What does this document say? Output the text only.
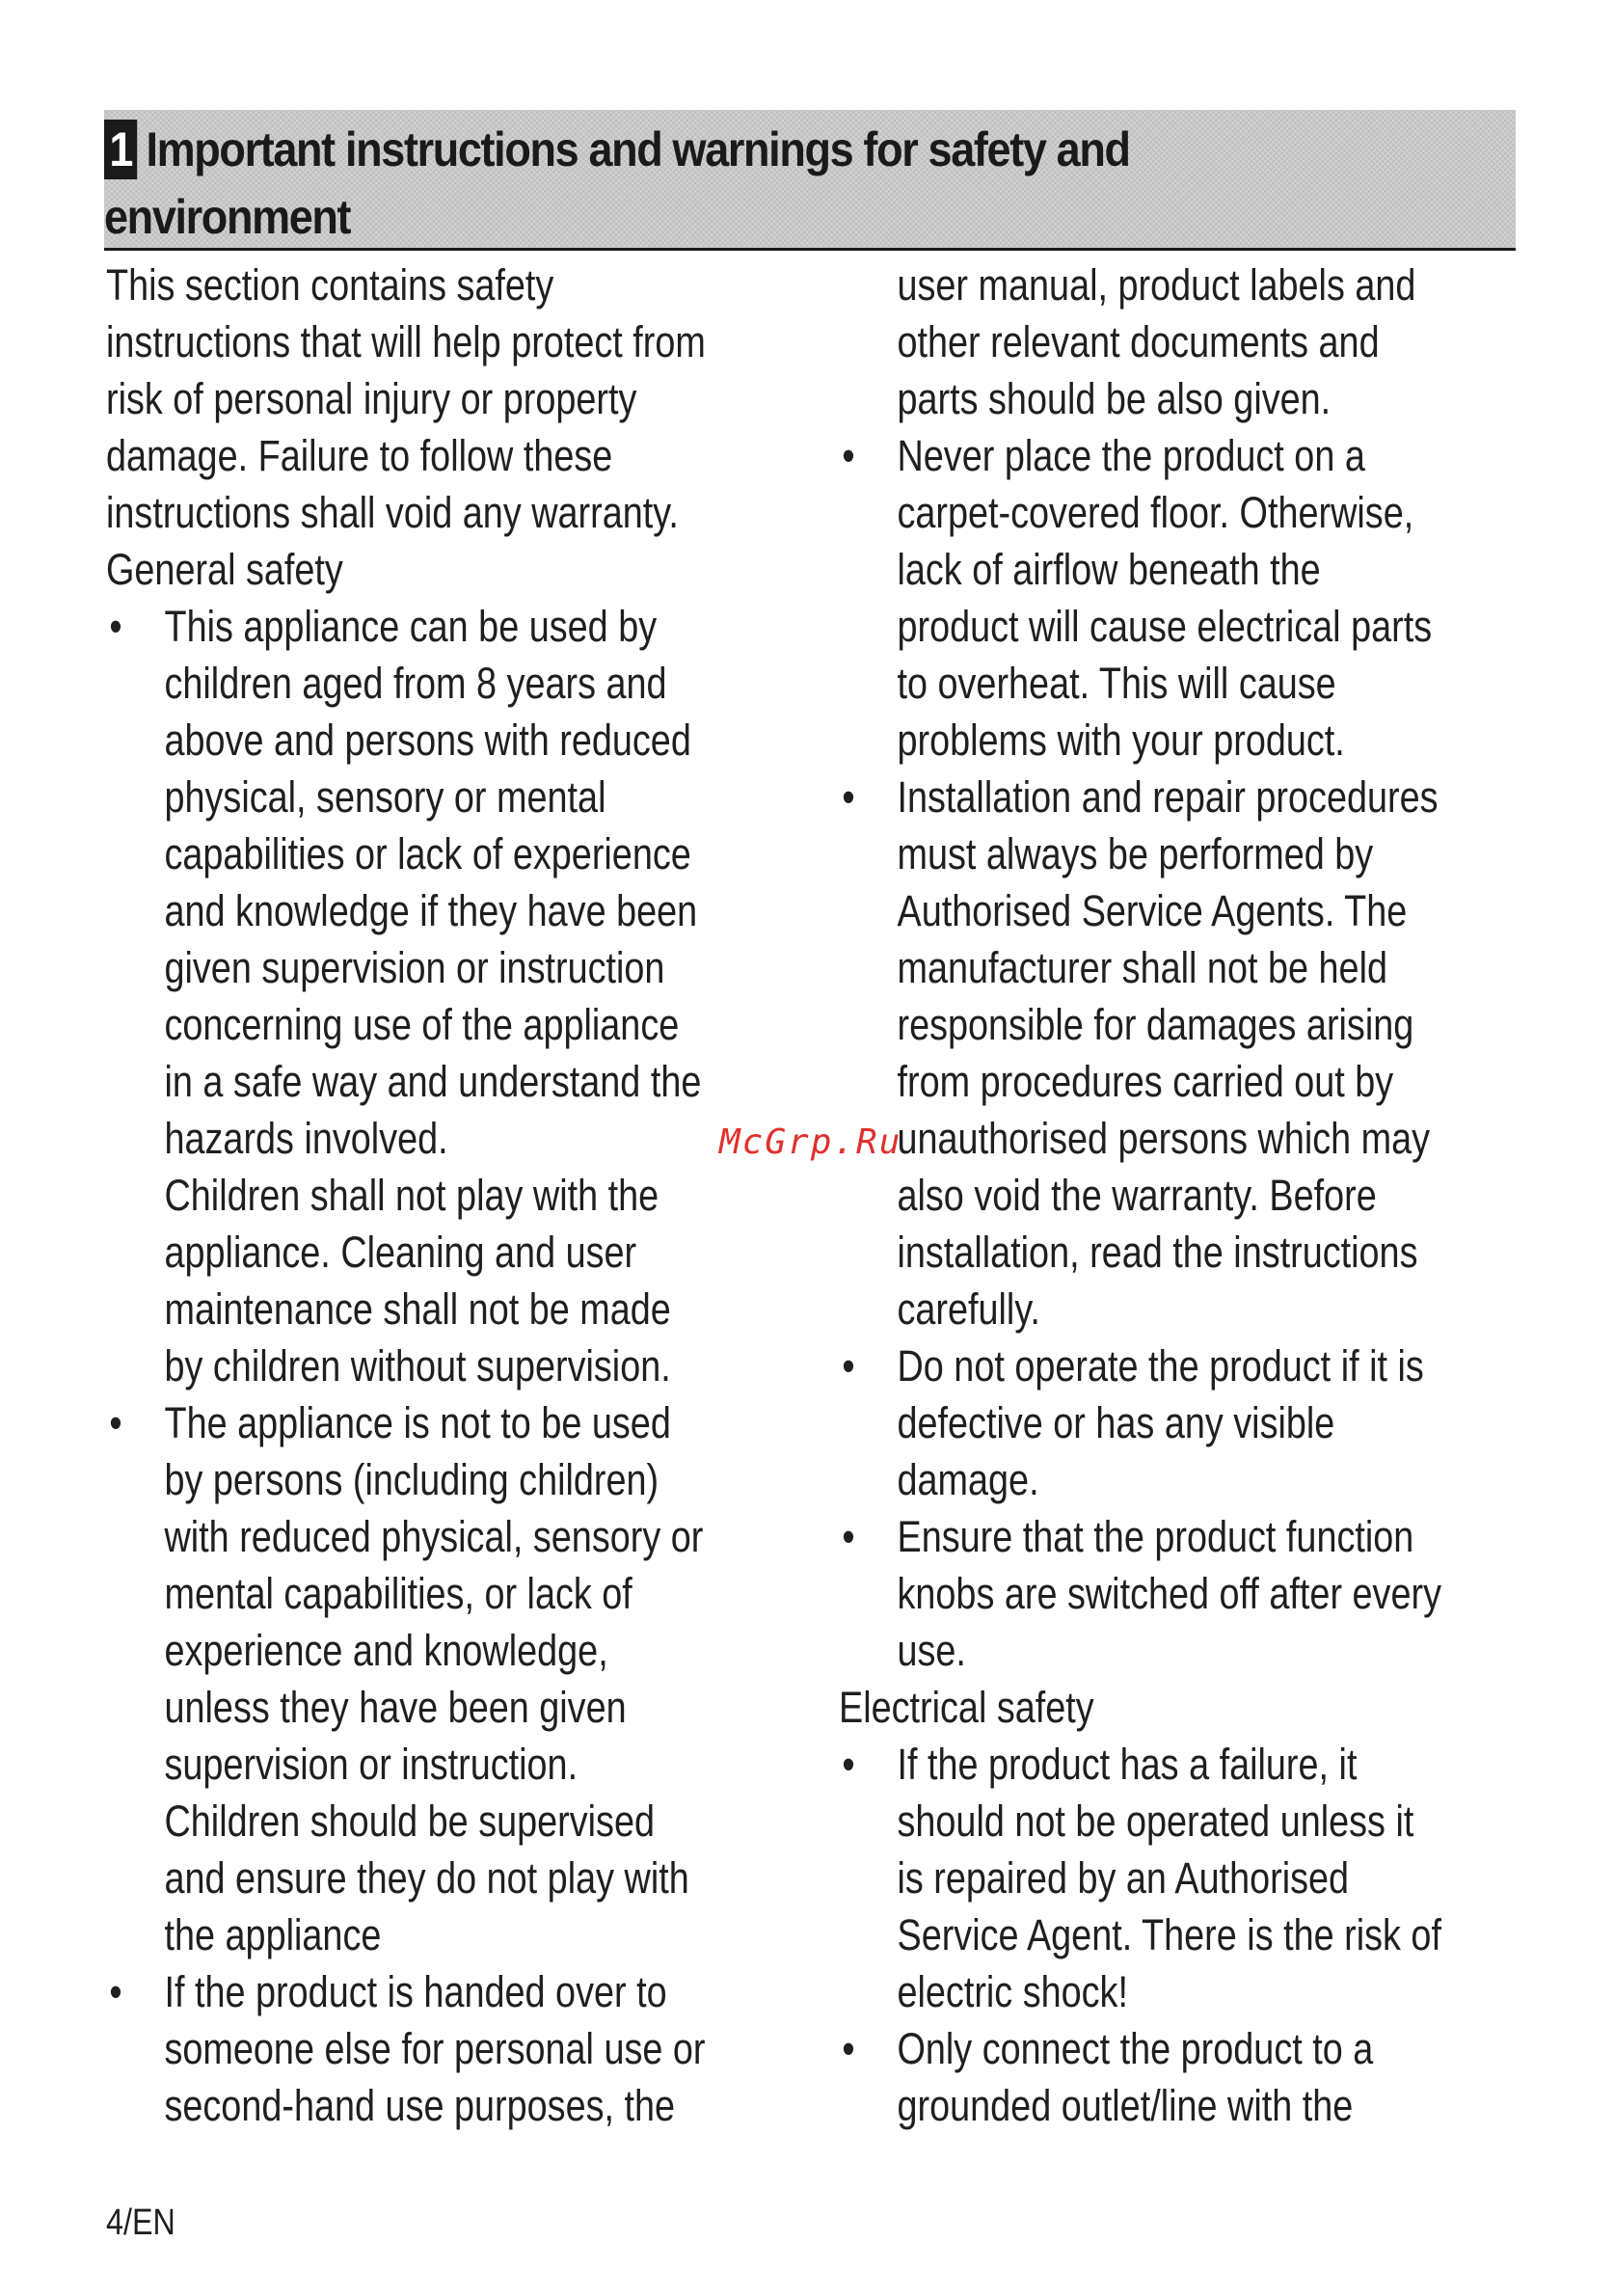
1 Important instructions and warnings for safety and
environment

This section contains safety
instructions that will help protect from
risk of personal injury or property
damage. Failure to follow these
instructions shall void any warranty.

General safety
• This appliance can be used by
children aged from 8 years and
above and persons with reduced
physical, sensory or mental
capabilities or lack of experience
and knowledge if they have been
given supervision or instruction
concerning use of the appliance
in a safe way and understand the
hazards involved.
Children shall not play with the
appliance. Cleaning and user
maintenance shall not be made
by children without supervision.
• The appliance is not to be used
by persons (including children)
with reduced physical, sensory or
mental capabilities, or lack of
experience and knowledge,
unless they have been given
supervision or instruction.
Children should be supervised
and ensure they do not play with
the appliance
• If the product is handed over to
someone else for personal use or
second-hand use purposes, the
user manual, product labels and
other relevant documents and
parts should be also given.
• Never place the product on a
carpet-covered floor. Otherwise,
lack of airflow beneath the
product will cause electrical parts
to overheat. This will cause
problems with your product.
• Installation and repair procedures
must always be performed by
Authorised Service Agents. The
manufacturer shall not be held
responsible for damages arising
from procedures carried out by
unauthorised persons which may
also void the warranty. Before
installation, read the instructions
carefully.
• Do not operate the product if it is
defective or has any visible
damage.
• Ensure that the product function
knobs are switched off after every
use.
Electrical safety
• If the product has a failure, it
should not be operated unless it
is repaired by an Authorised
Service Agent. There is the risk of
electric shock!
• Only connect the product to a
grounded outlet/line with the
McGrp.Ru
4/EN
